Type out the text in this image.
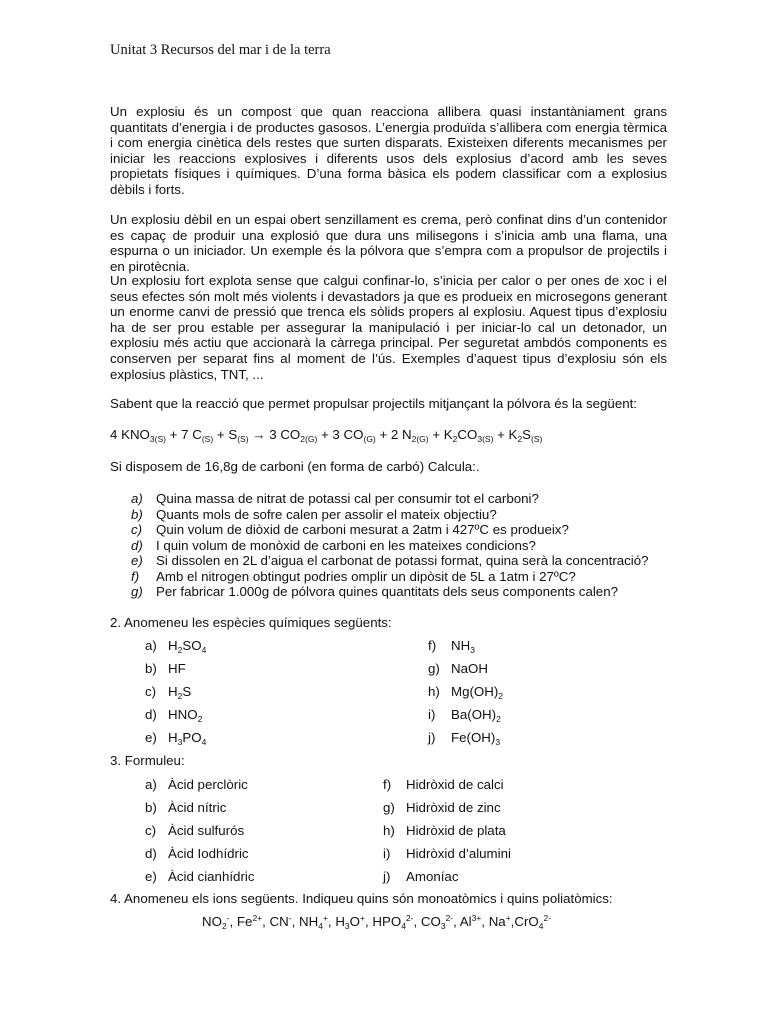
Unitat 3 Recursos del mar i de la terra

Un explosiu és un compost que quan reacciona allibera quasi instantàniament grans quantitats d’energia i de productes gasosos. L’energia produïda s’allibera com energia tèrmica i com energia cinètica dels restes que surten disparats. Existeixen diferents mecanismes per iniciar les reaccions explosives i diferents usos dels explosius d’acord amb les seves propietats físiques i químiques. D’una forma bàsica els podem classificar com a explosius dèbils i forts.

Un explosiu dèbil en un espai obert senzillament es crema, però confinat dins d’un contenidor es capaç de produir una explosió que dura uns milisegons i s’inicia amb una flama, una espurna o un iniciador. Un exemple és la pólvora que s’empra com a propulsor de projectils i en pirotècnia.

Un explosiu fort explota sense que calgui confinar-lo, s’inicia per calor o per ones de xoc i el seus efectes són molt més violents i devastadors ja que es produeix en microsegons generant un enorme canvi de pressió que trenca els sòlids propers al explosiu. Aquest tipus d’explosiu ha de ser prou estable per assegurar la manipulació i per iniciar-lo cal un detonador, un explosiu més actiu que accionarà la càrrega principal. Per seguretat ambdós components es conserven per separat fins al moment de l’ús. Exemples d’aquest tipus d’explosiu són els explosius plàstics, TNT, ...

Sabent que la reacció que permet propulsar projectils mitjançant la pólvora és la següent:

4 $KNO_{3(S)} + 7$ $C_{(S)} + S_{(S)} \to 3$ $CO_{2(G)} + 3$ $CO_{(G)} + 2$ $N_{2(G)} + K_2CO_{3(S)} + K_2S_{(S)}$

Si disposem de 16,8g de carboni (en forma de carbó) Calcula:.

a) Quina massa de nitrat de potassi cal per consumir tot el carboni?
b) Quants mols de sofre calen per assolir el mateix objectiu?
c) Quin volum de diòxid de carboni mesurat a 2atm i 427ºC es produeix?
d) I quin volum de monòxid de carboni en les mateixes condicions?
e) Si dissolen en 2L d’aigua el carbonat de potassi format, quina serà la concentració?
f) Amb el nitrogen obtingut podries omplir un dipòsit de 5L a 1atm i 27ºC?
g) Per fabricar 1.000g de pólvora quines quantitats dels seus components calen?

2. Anomeneu les espècies químiques següents:

a) $H_2SO_4$	f) $NH_3$
b) HF	g) NaOH
c) $H_2S$	h) $Mg(OH)_2$
d) $HNO_2$	i) $Ba(OH)_2$
e) $H_3PO_4$	j) $Fe(OH)_3$

3. Formuleu:

a) Àcid perclòric	f) Hidròxid de calci
b) Àcid nítric	g) Hidròxid de zinc
c) Àcid sulfurós	h) Hidròxid de plata
d) Àcid Iodhídric	i) Hidròxid d’alumini
e) Àcid cianhídric	j) Amoníac

4. Anomeneu els ions següents. Indiqueu quins són monoatòmics i quins poliatòmics:

$NO_2^-$, $Fe^{2+}$, CN-, $NH_4^+$, $H_3O^+$, $HPO_4^{2-}$, $CO_3^{2-}$, $Al^{3+}$, Na+,CrO$_4^{2-}$
